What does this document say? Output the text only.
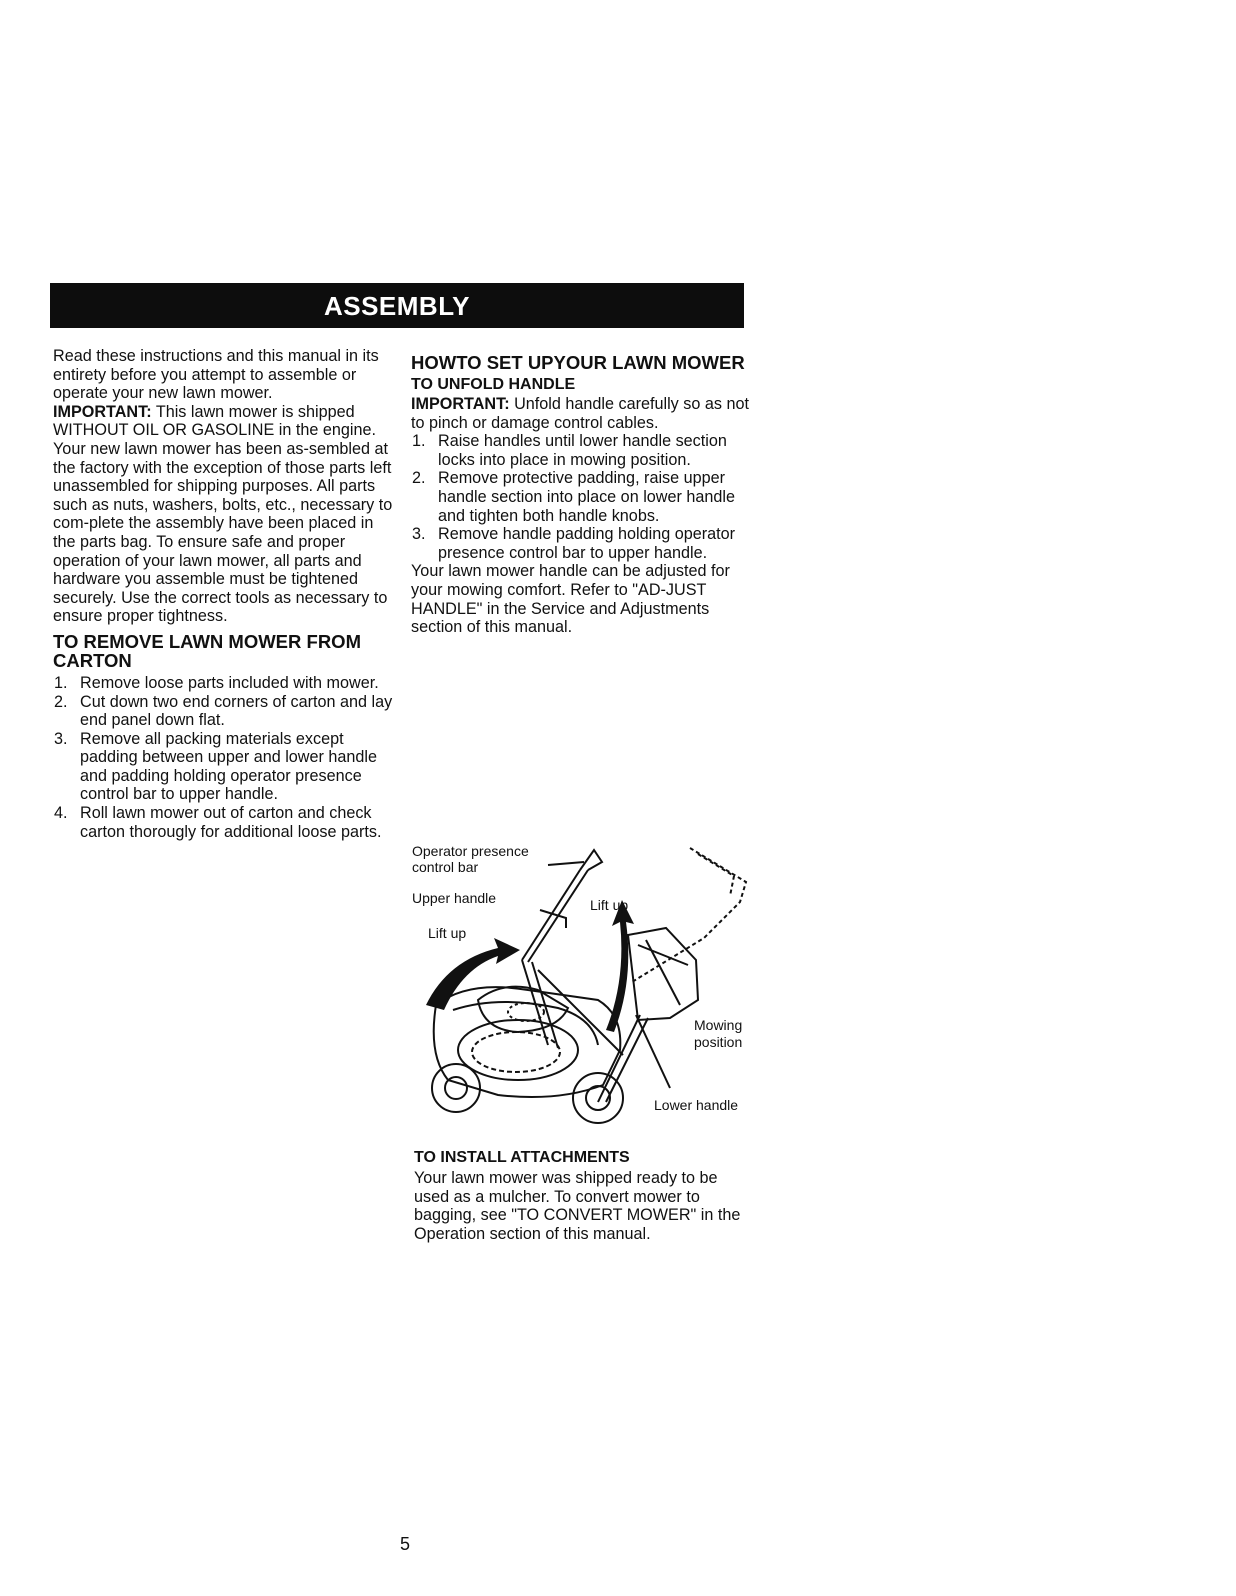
ASSEMBLY

Read these instructions and this manual in its entirety before you attempt to assemble or operate your new lawn mower.

IMPORTANT: This lawn mower is shipped WITHOUT OIL OR GASOLINE in the engine.

Your new lawn mower has been as-sembled at the factory with the exception of those parts left unassembled for shipping purposes. All parts such as nuts, washers, bolts, etc., necessary to com-plete the assembly have been placed in the parts bag. To ensure safe and proper operation of your lawn mower, all parts and hardware you assemble must be tightened securely. Use the correct tools as necessary to ensure proper tightness.

TO REMOVE LAWN MOWER FROM CARTON
1. Remove loose parts included with mower.
2. Cut down two end corners of carton and lay end panel down flat.
3. Remove all packing materials except padding between upper and lower handle and padding holding operator presence control bar to upper handle.
4. Roll lawn mower out of carton and check carton thorougly for additional loose parts.
HOWTO SET UPYOUR LAWN MOWER
TO UNFOLD HANDLE

IMPORTANT: Unfold handle carefully so as not to pinch or damage control cables.

1. Raise handles until lower handle section locks into place in mowing position.
2. Remove protective padding, raise upper handle section into place on lower handle and tighten both handle knobs.
3. Remove handle padding holding operator presence control bar to upper handle.

Your lawn mower handle can be adjusted for your mowing comfort. Refer to "AD-JUST HANDLE" in the Service and Adjustments section of this manual.

Operator presence
control bar
Upper handle
Lift up
Lift up
Mowing
position
Lower handle
TO INSTALL ATTACHMENTS

Your lawn mower was shipped ready to be used as a mulcher. To convert mower to bagging, see "TO CONVERT MOWER" in the Operation section of this manual.

5
